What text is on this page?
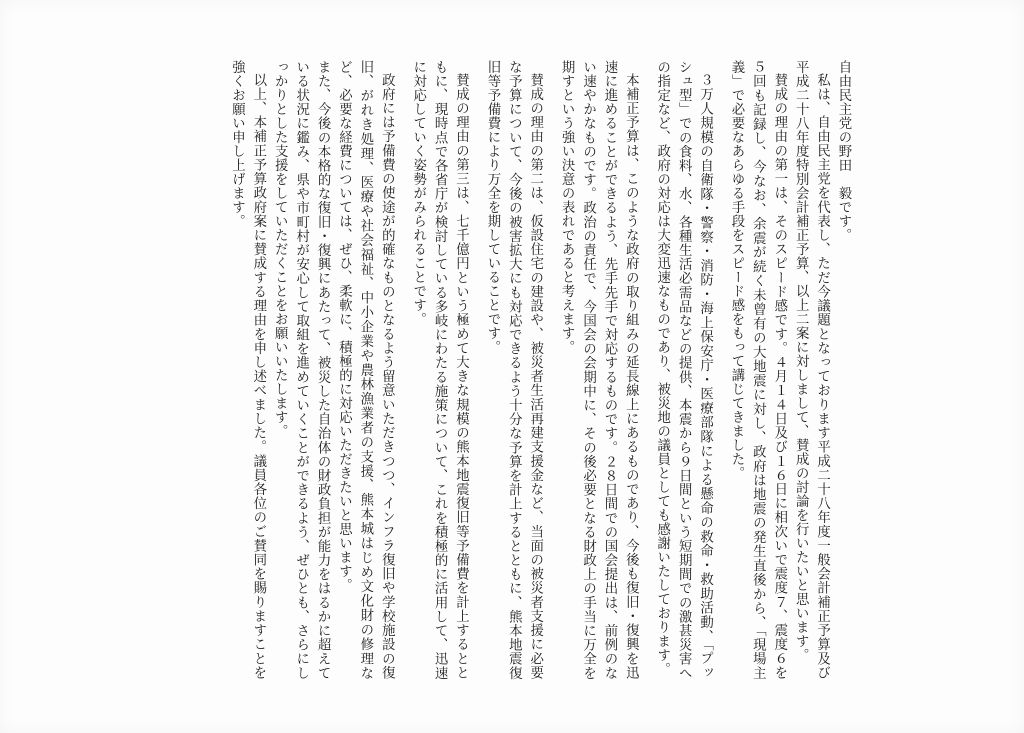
自由民主党の野田　毅です。
私は、自由民主党を代表し、ただ今議題となっております平成二十八年度一般会計補正予算及び平成二十八年度特別会計補正予算、以上二案に対しまして、賛成の討論を行いたいと思います。
賛成の理由の第一は、そのスピード感です。４月１４日及び１６日に相次いで震度７、震度６を５回も記録し、今なお、余震が続く未曾有の大地震に対し、政府は地震の発生直後から、「現場主義」で必要なあらゆる手段をスピード感をもって講じてきました。
３万人規模の自衛隊・警察・消防・海上保安庁・医療部隊による懸命の救命・救助活動、「プッシュ型」での食料、水、各種生活必需品などの提供、本震から９日間という短期間での激甚災害への指定など、政府の対応は大変迅速なものであり、被災地の議員としても感謝いたしております。
本補正予算は、このような政府の取り組みの延長線上にあるものであり、今後も復旧・復興を迅速に進めることができるよう、先手先手で対応するものです。２８日間での国会提出は、前例のない速やかなものです。政治の責任で、今国会の会期中に、その後必要となる財政上の手当に万全を期すという強い決意の表れであると考えます。
賛成の理由の第二は、仮設住宅の建設や、被災者生活再建支援金など、当面の被災者支援に必要な予算について、今後の被害拡大にも対応できるよう十分な予算を計上するとともに、熊本地震復旧等予備費により万全を期していることです。
賛成の理由の第三は、七千億円という極めて大きな規模の熊本地震復旧等予備費を計上するとともに、現時点で各省庁が検討している多岐にわたる施策について、これを積極的に活用して、迅速に対応していく姿勢がみられることです。
政府には予備費の使途が的確なものとなるよう留意いただきつつ、インフラ復旧や学校施設の復旧、がれき処理、医療や社会福祉、中小企業や農林漁業者の支援、熊本城はじめ文化財の修理など、必要な経費については、ぜひ、柔軟に、積極的に対応いただきたいと思います。
また、今後の本格的な復旧・復興にあたって、被災した自治体の財政負担が能力をはるかに超えている状況に鑑み、県や市町村が安心して取組を進めていくことができるよう、ぜひとも、さらにしっかりとした支援をしていただくことをお願いいたします。
以上、本補正予算政府案に賛成する理由を申し述べました。議員各位のご賛同を賜りますことを強くお願い申し上げます。
